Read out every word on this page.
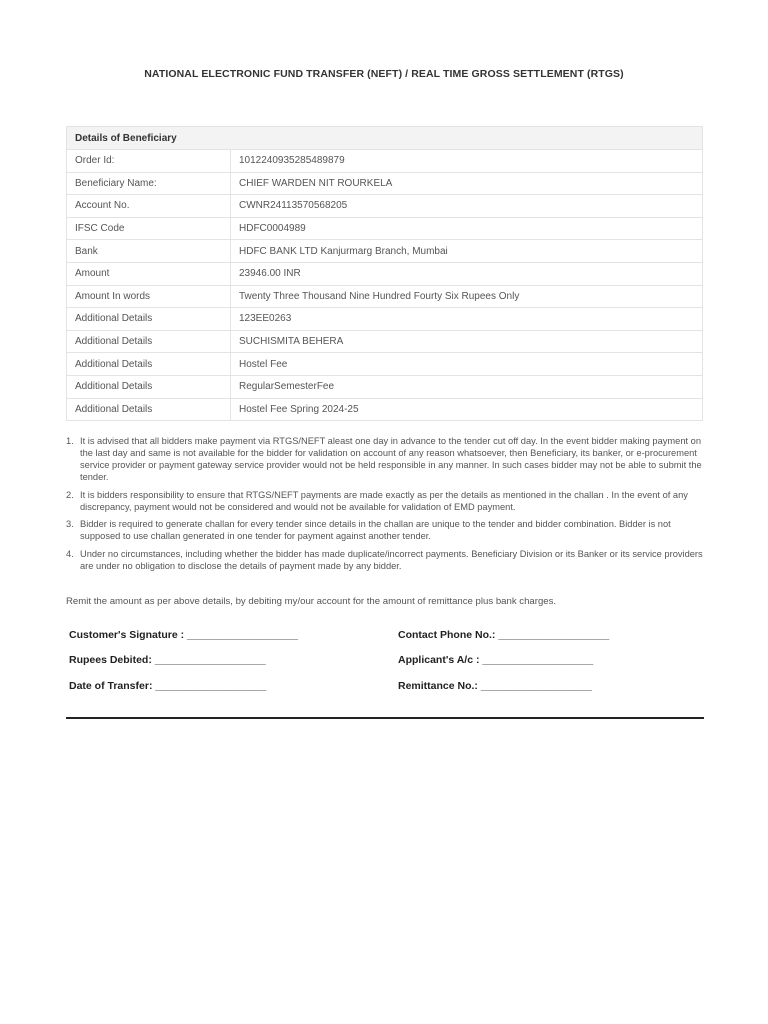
NATIONAL ELECTRONIC FUND TRANSFER (NEFT) / REAL TIME GROSS SETTLEMENT (RTGS)
Details of Beneficiary	
Order Id:	1012240935285489879
Beneficiary Name:	CHIEF WARDEN NIT ROURKELA
Account No.	CWNR24113570568205
IFSC Code	HDFC0004989
Bank	HDFC BANK LTD Kanjurmarg Branch, Mumbai
Amount	23946.00 INR
Amount In words	Twenty Three Thousand Nine Hundred Fourty Six Rupees Only
Additional Details	123EE0263
Additional Details	SUCHISMITA BEHERA
Additional Details	Hostel Fee
Additional Details	RegularSemesterFee
Additional Details	Hostel Fee Spring 2024-25
1. It is advised that all bidders make payment via RTGS/NEFT aleast one day in advance to the tender cut off day. In the event bidder making payment on the last day and same is not available for the bidder for validation on account of any reason whatsoever, then Beneficiary, its banker, or e-procurement service provider or payment gateway service provider would not be held responsible in any manner. In such cases bidder may not be able to submit the tender.
2. It is bidders responsibility to ensure that RTGS/NEFT payments are made exactly as per the details as mentioned in the challan . In the event of any discrepancy, payment would not be considered and would not be available for validation of EMD payment.
3. Bidder is required to generate challan for every tender since details in the challan are unique to the tender and bidder combination. Bidder is not supposed to use challan generated in one tender for payment against another tender.
4. Under no circumstances, including whether the bidder has made duplicate/incorrect payments. Beneficiary Division or its Banker or its service providers are under no obligation to disclose the details of payment made by any bidder.
Remit the amount as per above details, by debiting my/our account for the amount of remittance plus bank charges.
Customer's Signature : ___________________	Contact Phone No.: ___________________
Rupees Debited: ___________________	Applicant's A/c : ___________________
Date of Transfer: ___________________	Remittance No.: ___________________
